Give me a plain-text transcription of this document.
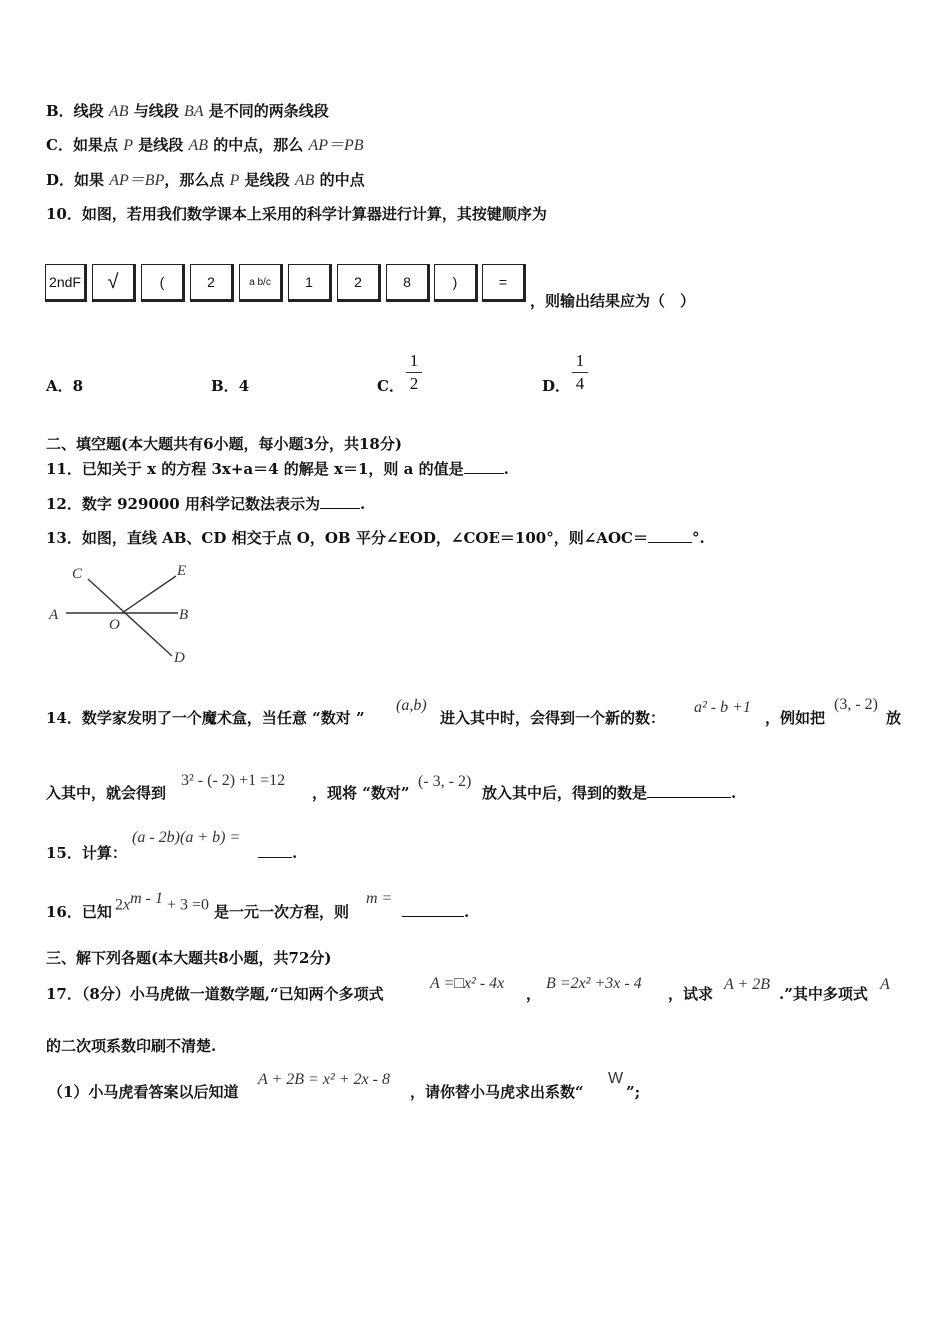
B．线段 AB 与线段 BA 是不同的两条线段
C．如果点 P 是线段 AB 的中点，那么 AP＝PB
D．如果 AP＝BP，那么点 P 是线段 AB 的中点
10．如图，若用我们数学课本上采用的科学计算器进行计算，其按键顺序为
2ndF	√	(	2	a b/c	1	2	8	)	=
，则输出结果应为（　）
A．8	B．4	C． $\frac{1}{2}$	D． $\frac{1}{4}$
二、填空题(本大题共有6小题，每小题3分，共18分)
11．已知关于 x 的方程 3x+a＝4 的解是 x＝1，则 a 的值是	.
12．数字 929000 用科学记数法表示为	.
13．如图，直线 AB、CD 相交于点 O，OB 平分∠EOD，∠COE＝100°，则∠AOC＝	°.
C	E
A	B
O
D
14．数学家发明了一个魔术盒，当任意 “数对 ”
(a,b)
进入其中时，会得到一个新的数：
a² - b +1
，例如把
(3, - 2)
放
入其中，就会得到
3² - (- 2) +1 =12
，现将 “数对”
(- 3, - 2)
放入其中后，得到的数是	.
15．计算：
(a - 2b)(a + b) =
.
16．已知 $2x^{m - 1} + 3 =0$ 是一元一次方程，则
m =
.
三、解下列各题(本大题共8小题，共72分)
17．（8分）小马虎做一道数学题,“已知两个多项式
A =□x² - 4x
，
B =2x² +3x - 4
，试求
A + 2B
.”其中多项式
A
的二次项系数印刷不清楚.
（1）小马虎看答案以后知道
A + 2B = x² + 2x - 8
，请你替小马虎求出系数“
W
”;
